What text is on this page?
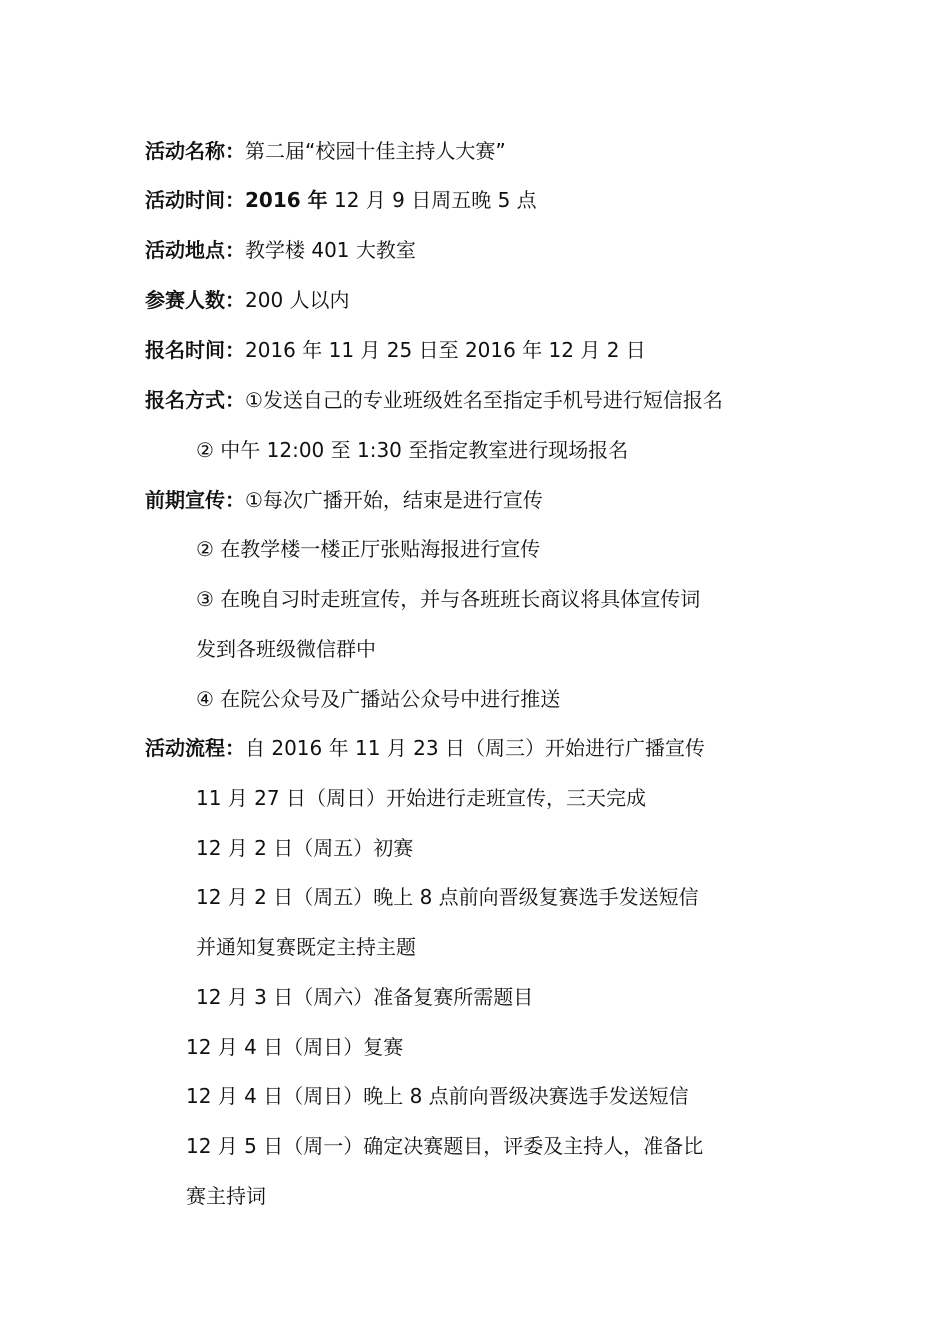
活动名称：第二届“校园十佳主持人大赛”
活动时间：2016 年 12 月 9 日周五晚 5 点
活动地点：教学楼 401 大教室
参赛人数：200 人以内
报名时间：2016 年 11 月 25 日至 2016 年 12 月 2 日
报名方式：①发送自己的专业班级姓名至指定手机号进行短信报名
② 中午 12:00 至 1:30 至指定教室进行现场报名
前期宣传：①每次广播开始，结束是进行宣传
② 在教学楼一楼正厅张贴海报进行宣传
③ 在晚自习时走班宣传，并与各班班长商议将具体宣传词
发到各班级微信群中
④ 在院公众号及广播站公众号中进行推送
活动流程：自 2016 年 11 月 23 日（周三）开始进行广播宣传
11 月 27 日（周日）开始进行走班宣传，三天完成
12 月 2 日（周五）初赛
12 月 2 日（周五）晚上 8 点前向晋级复赛选手发送短信
并通知复赛既定主持主题
12 月 3 日（周六）准备复赛所需题目
12 月 4 日（周日）复赛
12 月 4 日（周日）晚上 8 点前向晋级决赛选手发送短信
12 月 5 日（周一）确定决赛题目，评委及主持人，准备比
赛主持词
